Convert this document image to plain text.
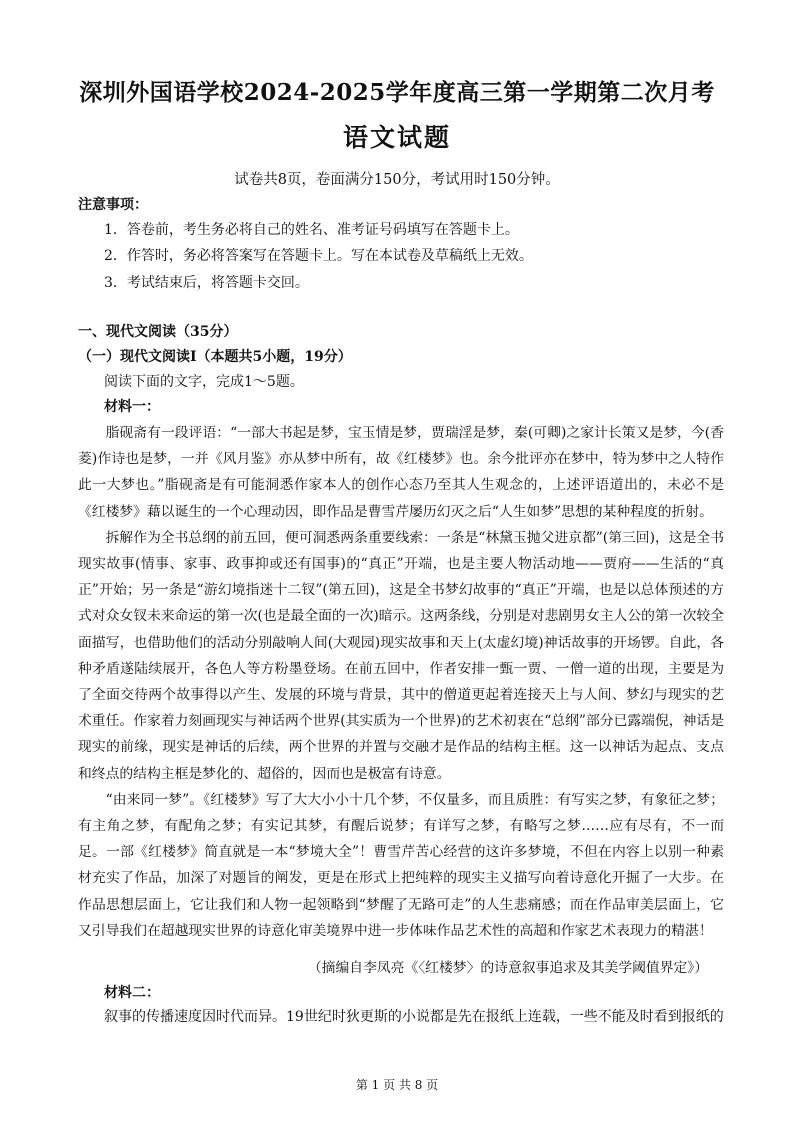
深圳外国语学校2024-2025学年度高三第一学期第二次月考
语文试题
试卷共8页，卷面满分150分，考试用时150分钟。
注意事项：
1．答卷前，考生务必将自己的姓名、准考证号码填写在答题卡上。
2．作答时，务必将答案写在答题卡上。写在本试卷及草稿纸上无效。
3．考试结束后，将答题卡交回。
一、现代文阅读（35分）
（一）现代文阅读Ⅰ（本题共5小题，19分）
阅读下面的文字，完成1～5题。
材料一：

脂砚斋有一段评语：“一部大书起是梦，宝玉情是梦，贾瑞淫是梦，秦(可卿)之家计长策又是梦，今(香菱)作诗也是梦，一并《风月鉴》亦从梦中所有，故《红楼梦》也。余今批评亦在梦中，特为梦中之人特作此一大梦也。”脂砚斋是有可能洞悉作家本人的创作心态乃至其人生观念的，上述评语道出的，未必不是《红楼梦》藉以诞生的一个心理动因，即作品是曹雪芹屡历幻灭之后“人生如梦”思想的某种程度的折射。

拆解作为全书总纲的前五回，便可洞悉两条重要线索：一条是“林黛玉抛父进京都”(第三回)，这是全书现实故事(情事、家事、政事抑或还有国事)的“真正”开端，也是主要人物活动地——贾府——生活的“真正”开始；另一条是“游幻境指迷十二钗”(第五回)，这是全书梦幻故事的“真正”开端，也是以总体预述的方式对众女钗未来命运的第一次(也是最全面的一次)暗示。这两条线，分别是对悲剧男女主人公的第一次较全面描写，也借助他们的活动分别敲响人间(大观园)现实故事和天上(太虚幻境)神话故事的开场锣。自此，各种矛盾遂陆续展开，各色人等方粉墨登场。在前五回中，作者安排一甄一贾、一僧一道的出现，主要是为了全面交待两个故事得以产生、发展的环境与背景，其中的僧道更起着连接天上与人间、梦幻与现实的艺术重任。作家着力刻画现实与神话两个世界(其实质为一个世界)的艺术初衷在“总纲”部分已露端倪，神话是现实的前缘，现实是神话的后续，两个世界的并置与交融才是作品的结构主框。这一以神话为起点、支点和终点的结构主框是梦化的、超俗的，因而也是极富有诗意。

“由来同一梦”。《红楼梦》写了大大小小十几个梦，不仅量多，而且质胜：有写实之梦，有象征之梦；有主角之梦，有配角之梦；有实记其梦，有醒后说梦；有详写之梦，有略写之梦……应有尽有，不一而足。一部《红楼梦》简直就是一本“梦境大全”！曹雪芹苦心经营的这许多梦境，不但在内容上以别一种素材充实了作品，加深了对题旨的阐发，更是在形式上把纯粹的现实主义描写向着诗意化开掘了一大步。在作品思想层面上，它让我们和人物一起领略到“梦醒了无路可走”的人生悲痛感；而在作品审美层面上，它又引导我们在超越现实世界的诗意化审美境界中进一步体味作品艺术性的高超和作家艺术表现力的精湛！

（摘编自李凤亮《〈红楼梦〉的诗意叙事追求及其美学阈值界定》）
材料二：
叙事的传播速度因时代而异。19世纪时狄更斯的小说都是先在报纸上连载，一些不能及时看到报纸的
第 1 页 共 8 页
